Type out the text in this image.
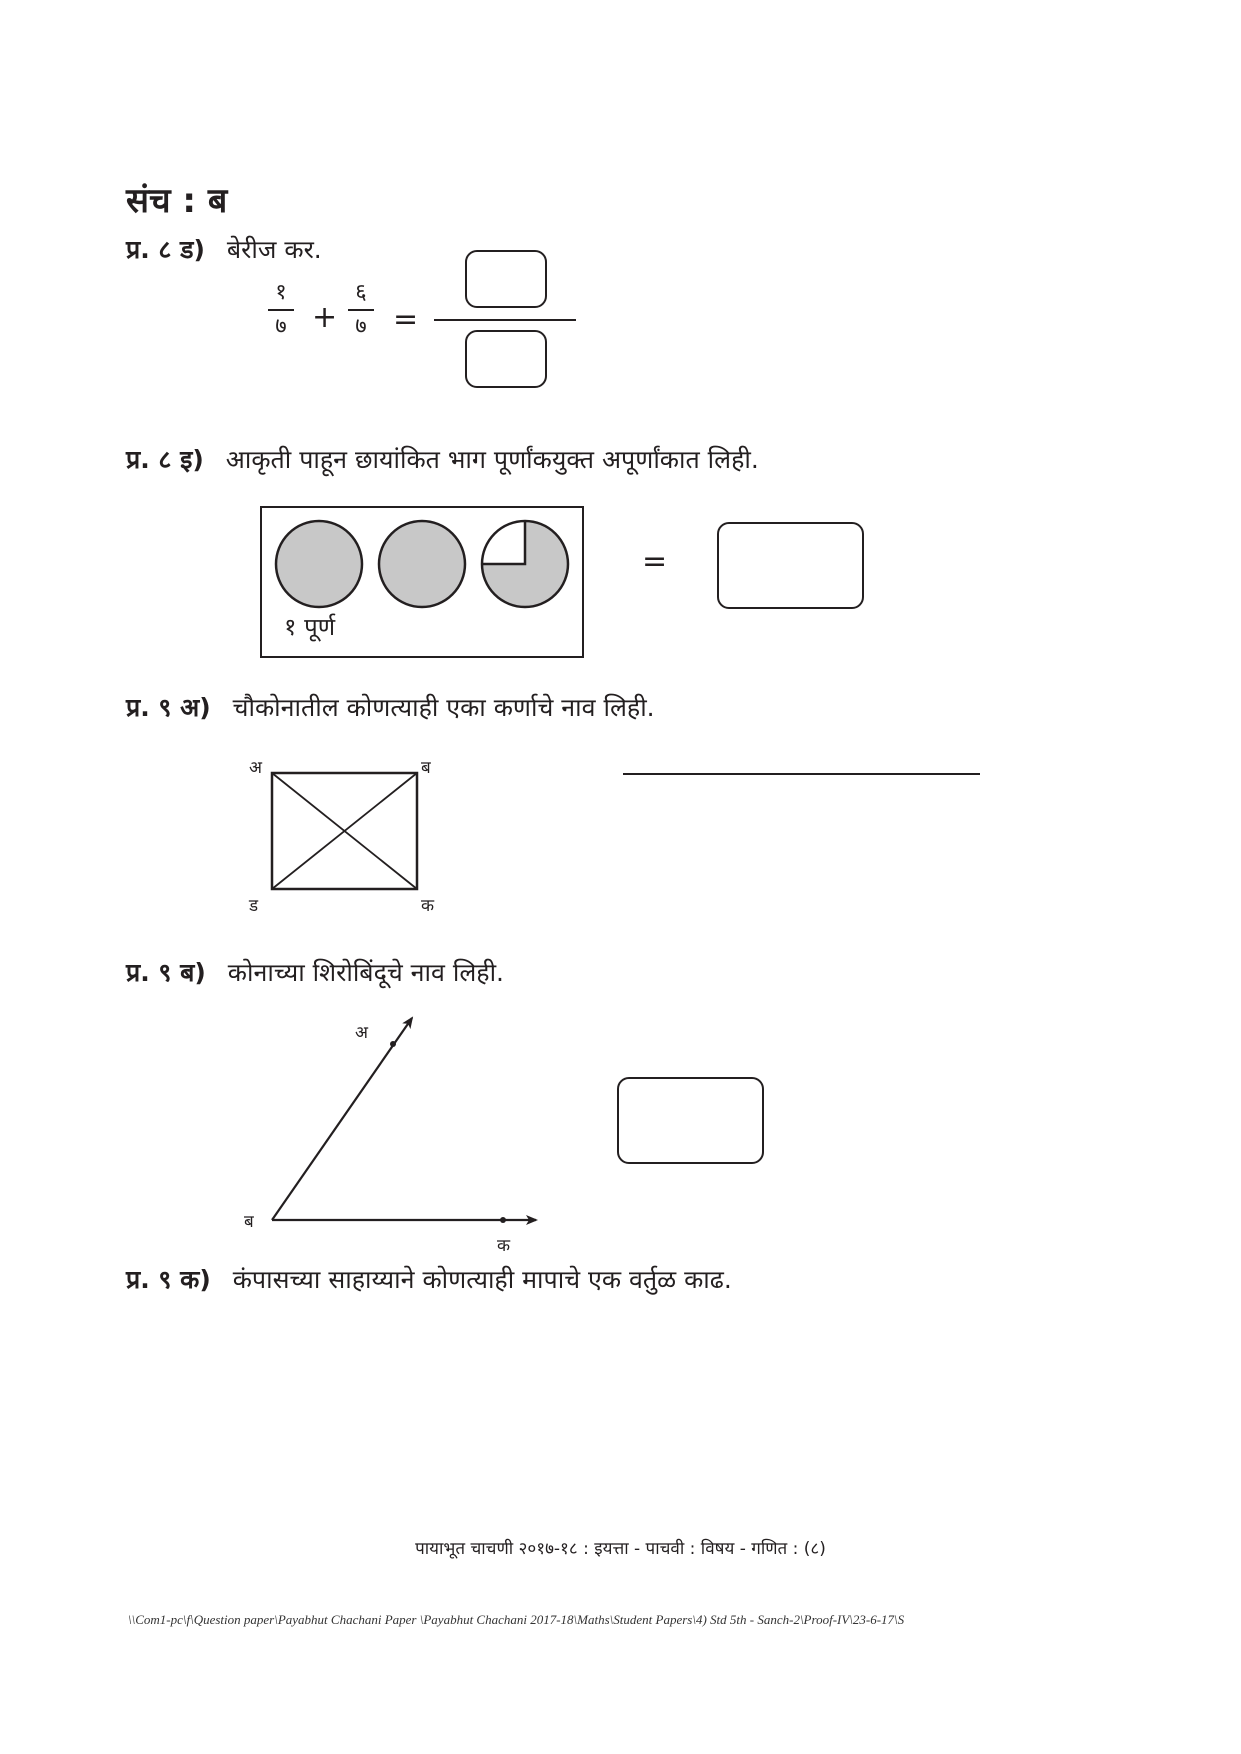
संच : ब
प्र. ८ ड) बेरीज कर.
१
७ +
६
७ =
प्र. ८ इ) आकृती पाहून छायांकित भाग पूर्णांकयुक्त अपूर्णांकात लिही.
१ पूर्ण
=
प्र. ९ अ) चौकोनातील कोणत्याही एका कर्णाचे नाव लिही.
अ	ब
ड	क
प्र. ९ ब) कोनाच्या शिरोबिंदूचे नाव लिही.
अ
ब
क
प्र. ९ क) कंपासच्या साहाय्याने कोणत्याही मापाचे एक वर्तुळ काढ.
पायाभूत चाचणी २०१७-१८ : इयत्ता - पाचवी : विषय - गणित : (८)
\\Com1-pc\f\Question paper\Payabhut Chachani Paper \Payabhut Chachani 2017-18\Maths\Student Papers\4) Std 5th - Sanch-2\Proof-IV\23-6-17\S
